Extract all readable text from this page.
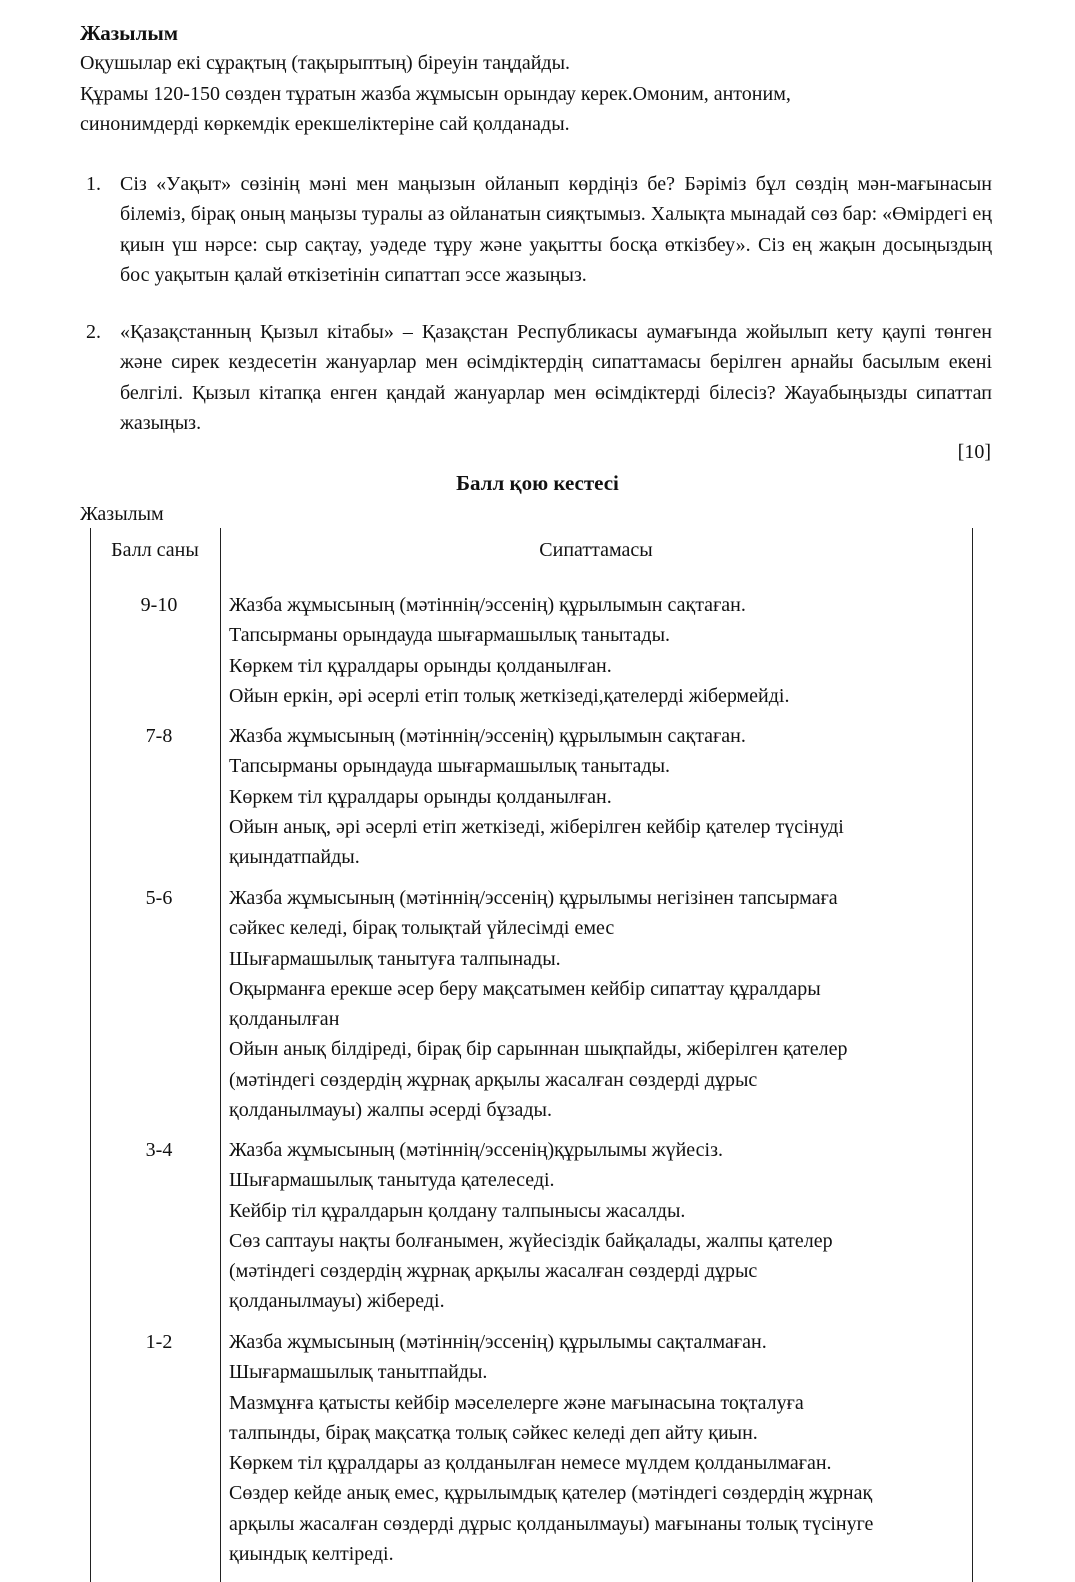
Жазылым

Оқушылар екі сұрақтың (тақырыптың) біреуін таңдайды.

Құрамы 120-150 сөзден тұратын жазба жұмысын орындау керек.Омоним, антоним,

синонимдерді көркемдік ерекшеліктеріне сай қолданады.

1. Сіз «Уақыт» сөзінің мәні мен маңызын ойланып көрдіңіз бе? Бәріміз бұл сөздің мән-мағынасын білеміз, бірақ оның маңызы туралы аз ойланатын сияқтымыз. Халықта мынадай сөз бар: «Өмірдегі ең қиын үш нәрсе: сыр сақтау, уәдеде тұру және уақытты босқа өткізбеу». Сіз ең жақын досыңыздың бос уақытын қалай өткізетінін сипаттап эссе жазыңыз.
2. «Қазақстанның Қызыл кітабы» – Қазақстан Республикасы аумағында жойылып кету қаупі төнген және сирек кездесетін жануарлар мен өсімдіктердің сипаттамасы берілген арнайы басылым екені белгілі. Қызыл кітапқа енген қандай жануарлар мен өсімдіктерді білесіз? Жауабыңызды сипаттап жазыңыз.
[10]
Балл қою кестесі
Жазылым
Балл саны	Сипаттамасы
9-10	Жазба жұмысының (мәтіннің/эссенің) құрылымын сақтаған.
Тапсырманы орындауда шығармашылық танытады.
Көркем тіл құралдары орынды қолданылған.
Ойын еркін, әрі әсерлі етіп толық жеткізеді,қателерді жібермейді.
7-8	Жазба жұмысының (мәтіннің/эссенің) құрылымын сақтаған.
Тапсырманы орындауда шығармашылық танытады.
Көркем тіл құралдары орынды қолданылған.
Ойын анық, әрі әсерлі етіп жеткізеді, жіберілген кейбір қателер түсінуді
қиындатпайды.
5-6	Жазба жұмысының (мәтіннің/эссенің) құрылымы негізінен тапсырмаға
сәйкес келеді, бірақ толықтай үйлесімді емес
Шығармашылық танытуға талпынады.
Оқырманға ерекше әсер беру мақсатымен кейбір сипаттау құралдары
қолданылған
Ойын анық білдіреді, бірақ бір сарыннан шықпайды, жіберілген қателер
(мәтіндегі сөздердің жұрнақ арқылы жасалған сөздерді дұрыс
қолданылмауы) жалпы әсерді бұзады.
3-4	Жазба жұмысының (мәтіннің/эссенің)құрылымы жүйесіз.
Шығармашылық танытуда қателеседі.
Кейбір тіл құралдарын қолдану талпынысы жасалды.
Сөз саптауы нақты болғанымен, жүйесіздік байқалады, жалпы қателер
(мәтіндегі сөздердің жұрнақ арқылы жасалған сөздерді дұрыс
қолданылмауы) жібереді.
1-2	Жазба жұмысының (мәтіннің/эссенің) құрылымы сақталмаған.
Шығармашылық танытпайды.
Мазмұнға қатысты кейбір мәселелерге және мағынасына тоқталуға
талпынды, бірақ мақсатқа толық сәйкес келеді деп айту қиын.
Көркем тіл құралдары аз қолданылған немесе мүлдем қолданылмаған.
Сөздер кейде анық емес, құрылымдық қателер (мәтіндегі сөздердің жұрнақ
арқылы жасалған сөздерді дұрыс қолданылмауы) мағынаны толық түсінуге
қиындық келтіреді.
